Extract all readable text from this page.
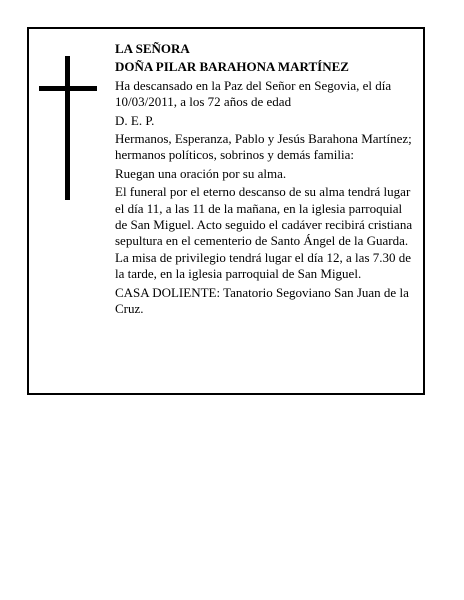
LA SEÑORA

DOÑA PILAR BARAHONA MARTÍNEZ

Ha descansado en la Paz del Señor en Segovia, el día 10/03/2011, a los 72 años de edad

D. E. P.

Hermanos, Esperanza, Pablo y Jesús Barahona Martínez; hermanos políticos, sobrinos y demás familia:

Ruegan una oración por su alma.

El funeral por el eterno descanso de su alma tendrá lugar el día 11, a las 11 de la mañana, en la iglesia parroquial de San Miguel. Acto seguido el cadáver recibirá cristiana sepultura en el cementerio de Santo Ángel de la Guarda. La misa de privilegio tendrá lugar el día 12, a las 7.30 de la tarde, en la iglesia parroquial de San Miguel.

CASA DOLIENTE: Tanatorio Segoviano San Juan de la Cruz.
